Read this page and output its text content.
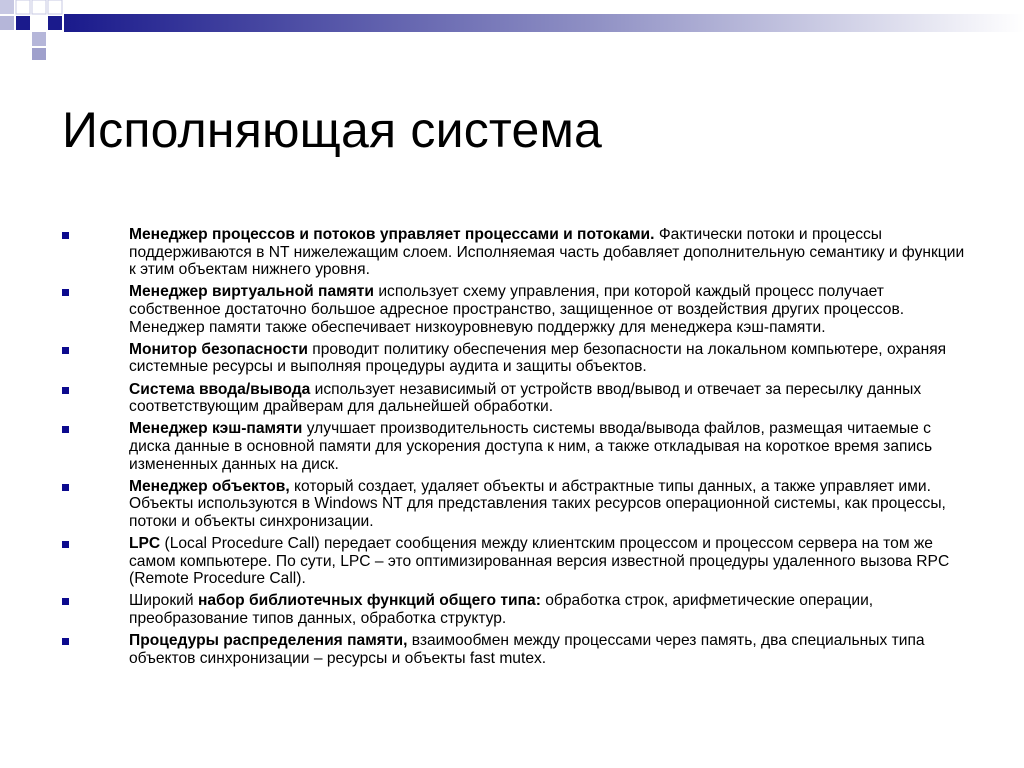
Исполняющая система
Менеджер процессов и потоков управляет процессами и потоками. Фактически потоки и процессы поддерживаются в NT нижележащим слоем. Исполняемая часть добавляет дополнительную семантику и функции к этим объектам нижнего уровня.
Менеджер виртуальной памяти использует схему управления, при которой каждый процесс получает собственное достаточно большое адресное пространство, защищенное от воздействия других процессов. Менеджер памяти также обеспечивает низкоуровневую поддержку для менеджера кэш-памяти.
Монитор безопасности проводит политику обеспечения мер безопасности на локальном компьютере, охраняя системные ресурсы и выполняя процедуры аудита и защиты объектов.
Система ввода/вывода использует независимый от устройств ввод/вывод и отвечает за пересылку данных соответствующим драйверам для дальнейшей обработки.
Менеджер кэш-памяти улучшает производительность системы ввода/вывода файлов, размещая читаемые с диска данные в основной памяти для ускорения доступа к ним, а также откладывая на короткое время запись измененных данных на диск.
Менеджер объектов, который создает, удаляет объекты и абстрактные типы данных, а также управляет ими. Объекты используются в Windows NT для представления таких ресурсов операционной системы, как процессы, потоки и объекты синхронизации.
LPC (Local Procedure Call) передает сообщения между клиентским процессом и процессом сервера на том же самом компьютере. По сути, LPC – это оптимизированная версия известной процедуры удаленного вызова RPC (Remote Procedure Call).
Широкий набор библиотечных функций общего типа: обработка строк, арифметические операции, преобразование типов данных, обработка структур.
Процедуры распределения памяти, взаимообмен между процессами через память, два специальных типа объектов синхронизации – ресурсы и объекты fast mutex.
